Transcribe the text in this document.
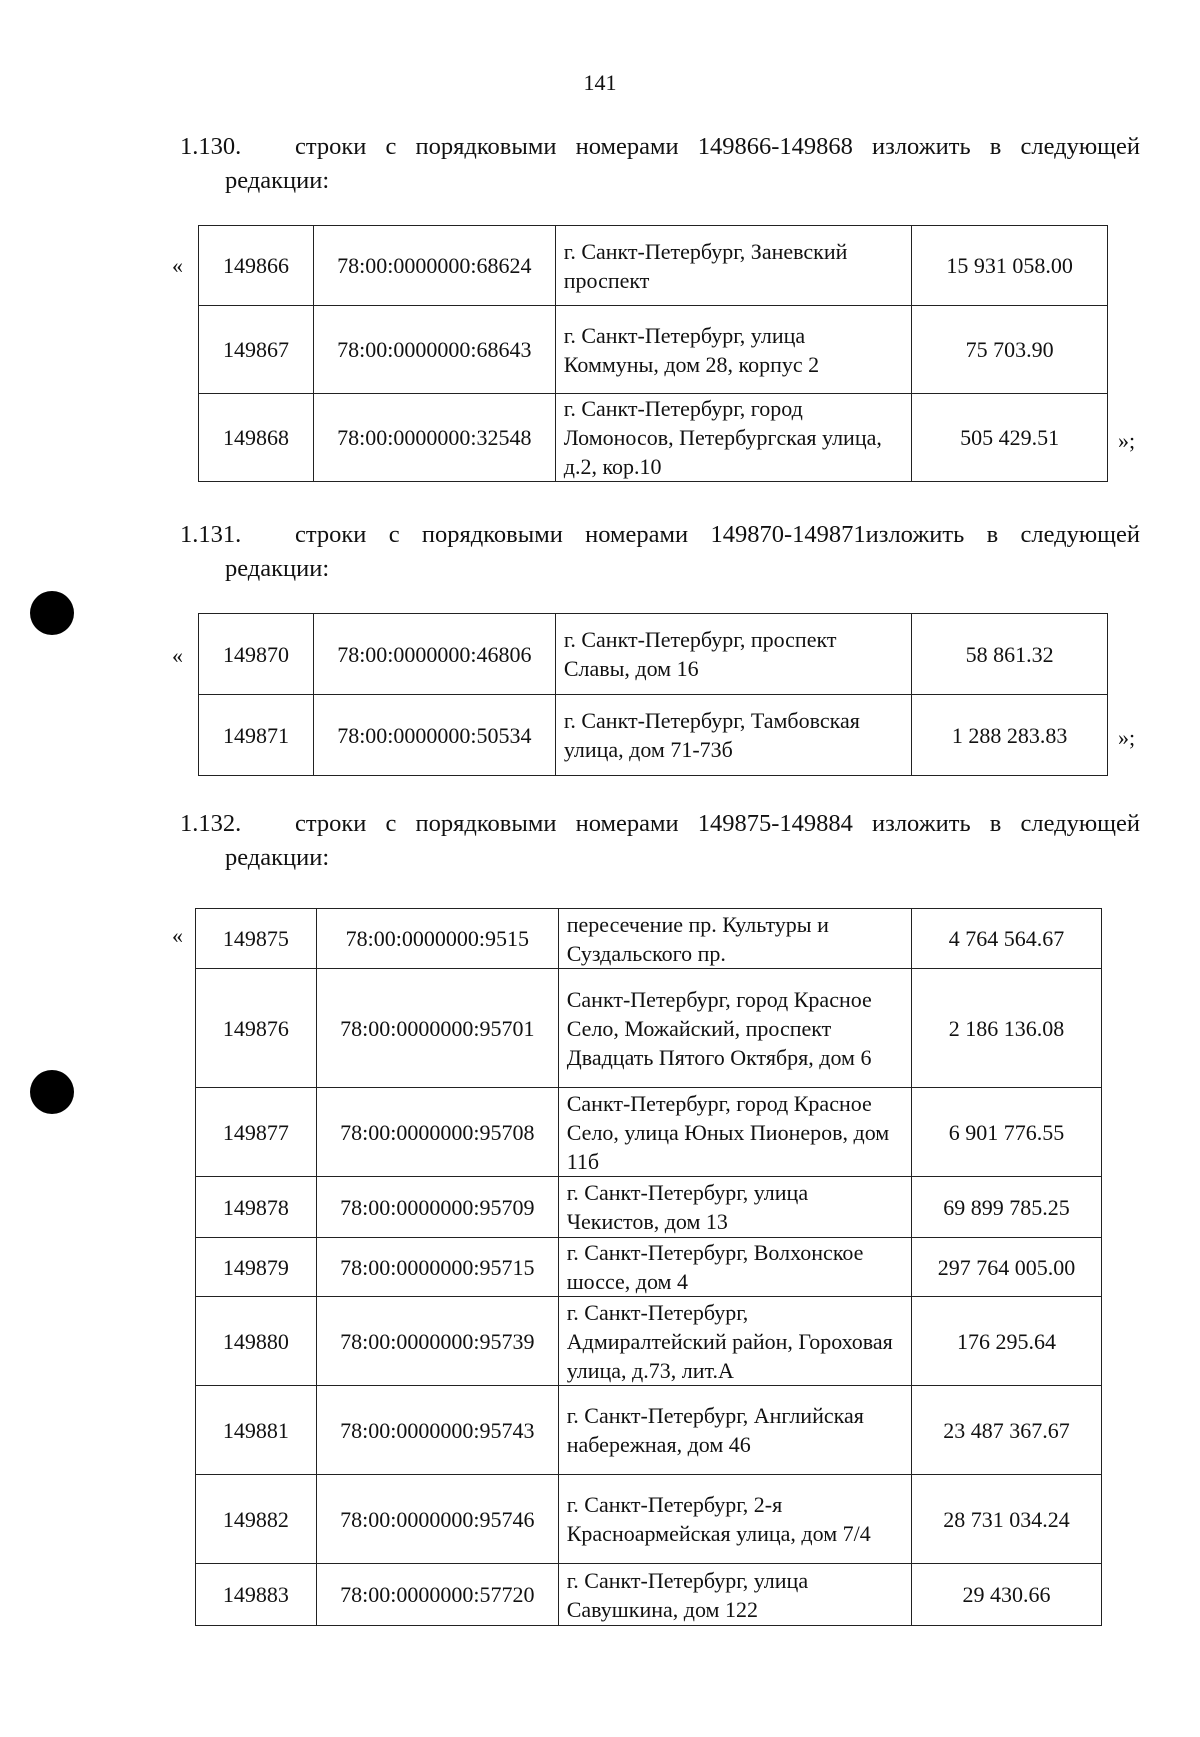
141
1.130.	строки с порядковыми номерами 149866-149868 изложить в следующей
редакции:
« 149866	78:00:0000000:68624	г. Санкт-Петербург, Заневский проспект	15 931 058.00
149867	78:00:0000000:68643	г. Санкт-Петербург, улица Коммуны, дом 28, корпус 2	75 703.90
149868	78:00:0000000:32548	г. Санкт-Петербург, город Ломоносов, Петербургская улица, д.2, кор.10	505 429.51	»;
1.131.	строки с порядковыми номерами 149870-149871изложить в следующей
редакции:
« 149870	78:00:0000000:46806	г. Санкт-Петербург, проспект Славы, дом 16	58 861.32
149871	78:00:0000000:50534	г. Санкт-Петербург, Тамбовская улица, дом 71-73б	1 288 283.83 »;
1.132.	строки с порядковыми номерами 149875-149884 изложить в следующей
редакции:
« 149875	78:00:0000000:9515	пересечение пр. Культуры и Суздальского пр.	4 764 564.67
149876	78:00:0000000:95701	Санкт-Петербург, город Красное Село, Можайский, проспект Двадцать Пятого Октября, дом 6	2 186 136.08
149877	78:00:0000000:95708	Санкт-Петербург, город Красное Село, улица Юных Пионеров, дом 11б	6 901 776.55
149878	78:00:0000000:95709	г. Санкт-Петербург, улица Чекистов, дом 13	69 899 785.25
149879	78:00:0000000:95715	г. Санкт-Петербург, Волхонское шоссе, дом 4	297 764 005.00
149880	78:00:0000000:95739	г. Санкт-Петербург, Адмиралтейский район, Гороховая улица, д.73, лит.А	176 295.64
149881	78:00:0000000:95743	г. Санкт-Петербург, Английская набережная, дом 46	23 487 367.67
149882	78:00:0000000:95746	г. Санкт-Петербург, 2-я Красноармейская улица, дом 7/4	28 731 034.24
149883	78:00:0000000:57720	г. Санкт-Петербург, улица Савушкина, дом 122	29 430.66
